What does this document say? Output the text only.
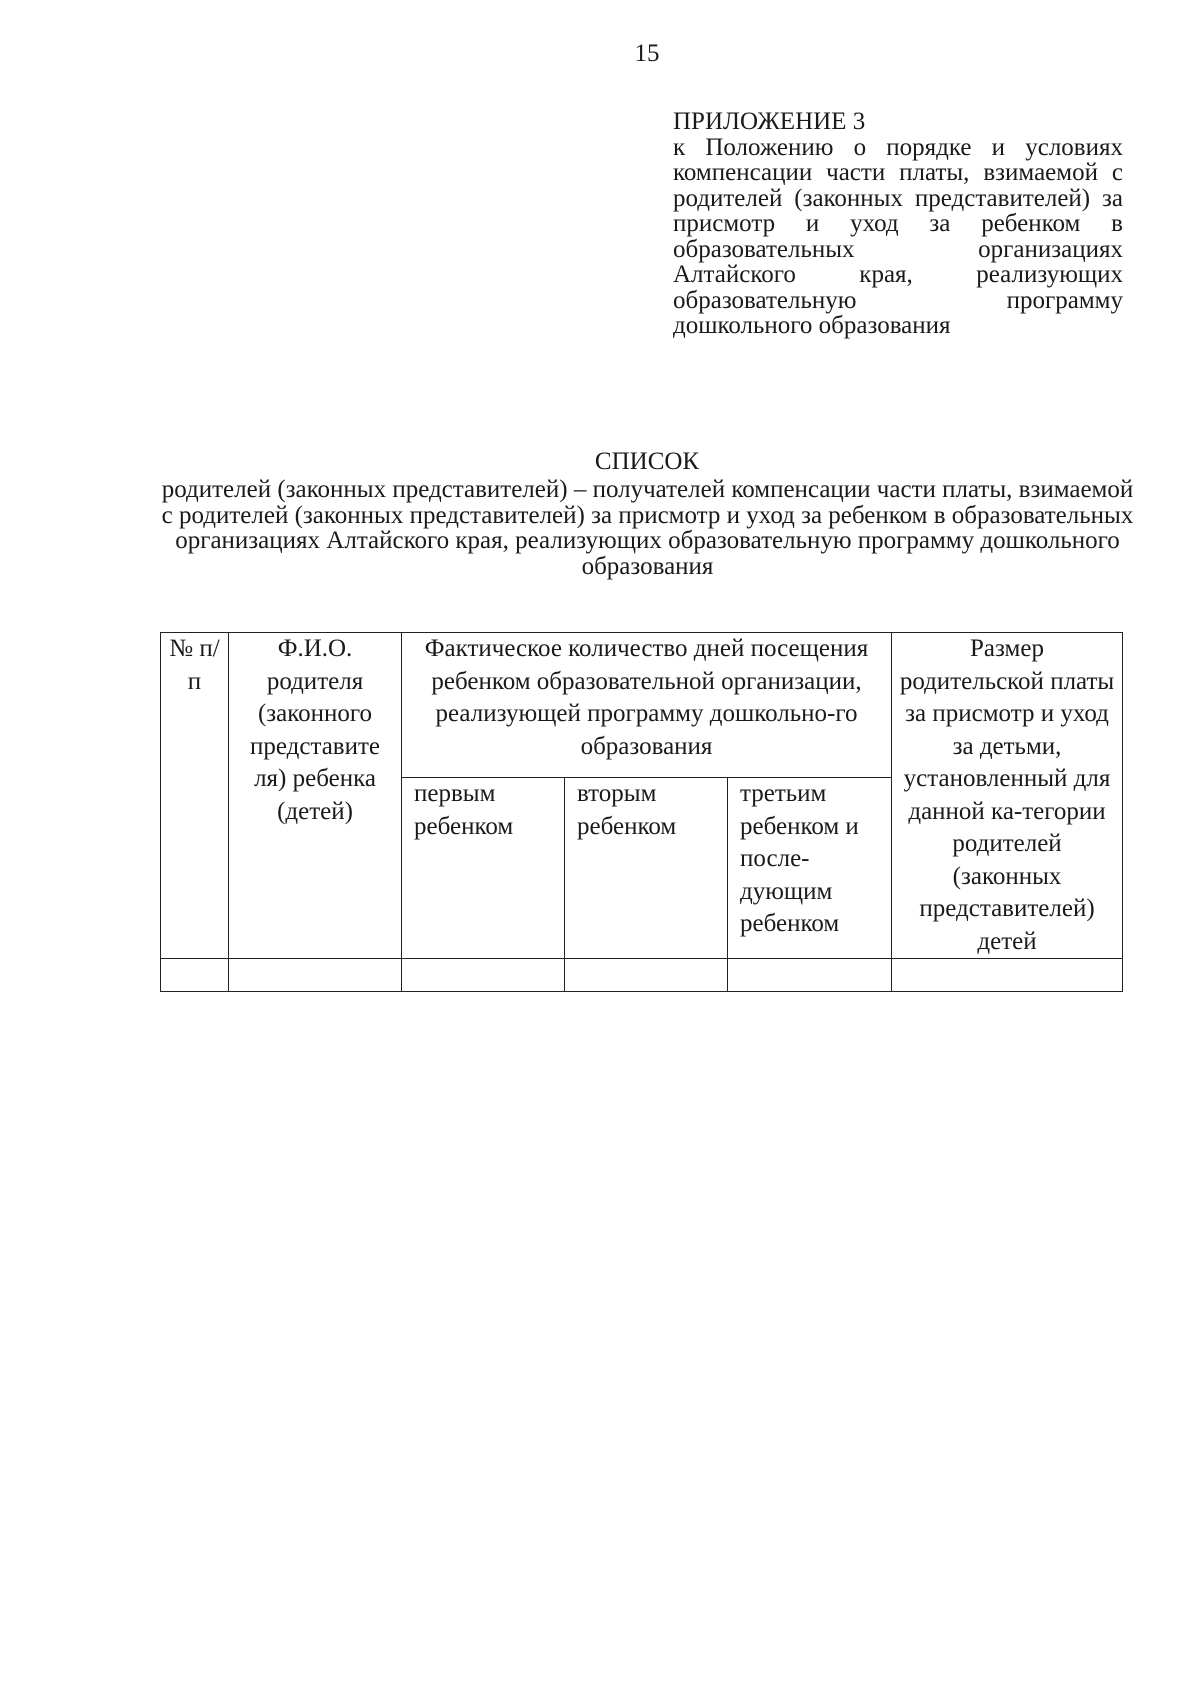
15
ПРИЛОЖЕНИЕ 3
к Положению о порядке и условиях компенсации части платы, взимаемой с родителей (законных представителей) за присмотр и уход за ребенком в образовательных организациях Алтайского края, реализующих образовательную программу дошкольного образования
СПИСОК
родителей (законных представителей) – получателей компенсации части платы, взимаемой с родителей (законных представителей) за присмотр и уход за ребенком в образовательных организациях Алтайского края, реализующих образовательную программу дошкольного образования
№ п/п	Ф.И.О. родителя (законного представите ля) ребенка (детей)	Фактическое количество дней посещения ребенком образовательной организации, реализующей программу дошкольно-го образования			Размер родительской платы за присмотр и уход за детьми, установленный для данной ка-тегории родителей (законных представителей) детей
		первым ребенком	вторым ребенком	третьим ребенком и после-дующим ребенком	
